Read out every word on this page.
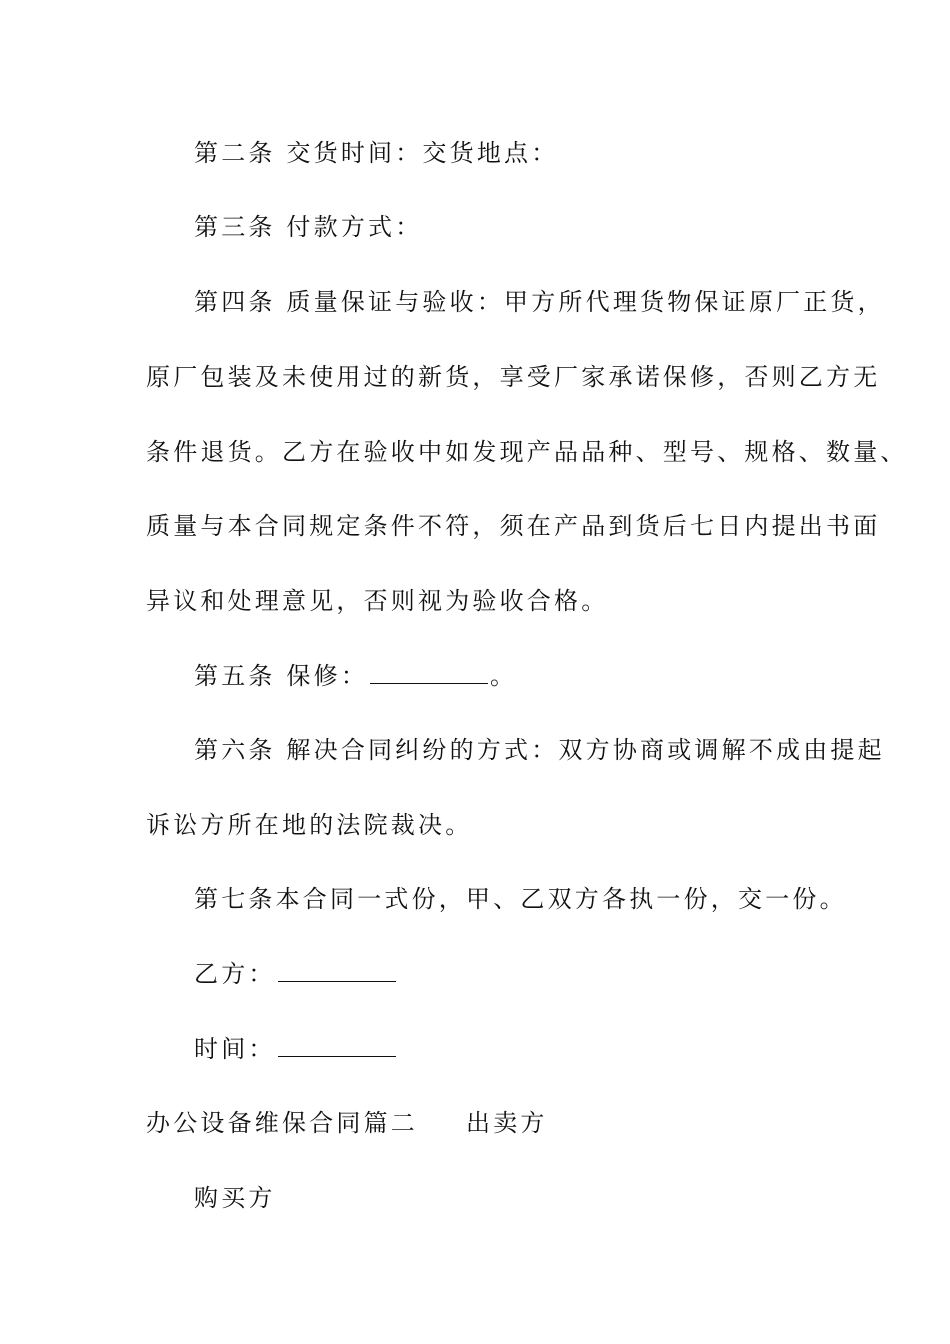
第二条 交货时间：交货地点：
第三条 付款方式：
第四条 质量保证与验收：甲方所代理货物保证原厂正货，
原厂包装及未使用过的新货，享受厂家承诺保修，否则乙方无
条件退货。乙方在验收中如发现产品品种、型号、规格、数量、
质量与本合同规定条件不符，须在产品到货后七日内提出书面
异议和处理意见，否则视为验收合格。
第五条 保修：	。
第六条 解决合同纠纷的方式：双方协商或调解不成由提起
诉讼方所在地的法院裁决。
第七条本合同一式份，甲、乙双方各执一份，交一份。
乙方：
时间：
办公设备维保合同篇二 出卖方
购买方
